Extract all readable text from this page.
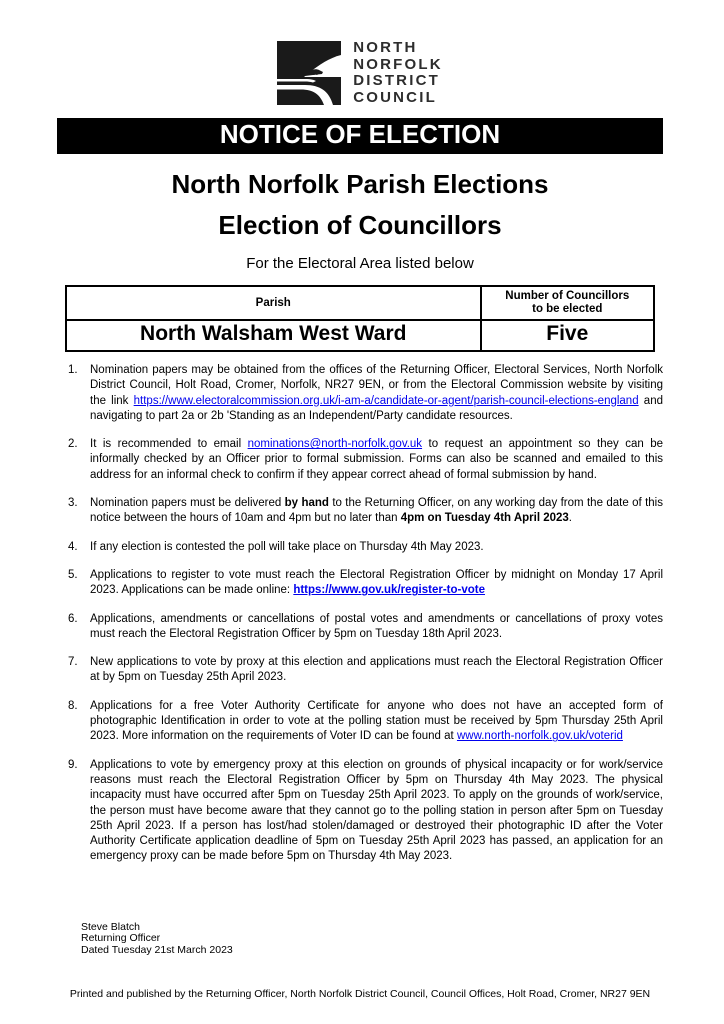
NORTH
NORFOLK
DISTRICT
COUNCIL
NOTICE OF ELECTION
North Norfolk Parish Elections
Election of Councillors
For the Electoral Area listed below
Parish	Number of Councillors to be elected
North Walsham West Ward	Five
1.	Nomination papers may be obtained from the offices of the Returning Officer, Electoral Services, North Norfolk District Council, Holt Road, Cromer, Norfolk, NR27 9EN, or from the Electoral Commission website by visiting the link https://www.electoralcommission.org.uk/i-am-a/candidate-or-agent/parish-council-elections-england and navigating to part 2a or 2b 'Standing as an Independent/Party candidate resources.

2.	It is recommended to email nominations@north-norfolk.gov.uk to request an appointment so they can be informally checked by an Officer prior to formal submission. Forms can also be scanned and emailed to this address for an informal check to confirm if they appear correct ahead of formal submission by hand.

3.	Nomination papers must be delivered by hand to the Returning Officer, on any working day from the date of this notice between the hours of 10am and 4pm but no later than 4pm on Tuesday 4th April 2023.

4.	If any election is contested the poll will take place on Thursday 4th May 2023.

5.	Applications to register to vote must reach the Electoral Registration Officer by midnight on Monday 17 April 2023. Applications can be made online: https://www.gov.uk/register-to-vote

6.	Applications, amendments or cancellations of postal votes and amendments or cancellations of proxy votes must reach the Electoral Registration Officer by 5pm on Tuesday 18th April 2023.

7.	New applications to vote by proxy at this election and applications must reach the Electoral Registration Officer at by 5pm on Tuesday 25th April 2023.

8.	Applications for a free Voter Authority Certificate for anyone who does not have an accepted form of photographic Identification in order to vote at the polling station must be received by 5pm Thursday 25th April 2023. More information on the requirements of Voter ID can be found at www.north-norfolk.gov.uk/voterid

9.	Applications to vote by emergency proxy at this election on grounds of physical incapacity or for work/service reasons must reach the Electoral Registration Officer by 5pm on Thursday 4th May 2023. The physical incapacity must have occurred after 5pm on Tuesday 25th April 2023. To apply on the grounds of work/service, the person must have become aware that they cannot go to the polling station in person after 5pm on Tuesday 25th April 2023. If a person has lost/had stolen/damaged or destroyed their photographic ID after the Voter Authority Certificate application deadline of 5pm on Tuesday 25th April 2023 has passed, an application for an emergency proxy can be made before 5pm on Thursday 4th May 2023.

Steve Blatch
Returning Officer
Dated Tuesday 21st March 2023
Printed and published by the Returning Officer, North Norfolk District Council, Council Offices, Holt Road, Cromer, NR27 9EN
